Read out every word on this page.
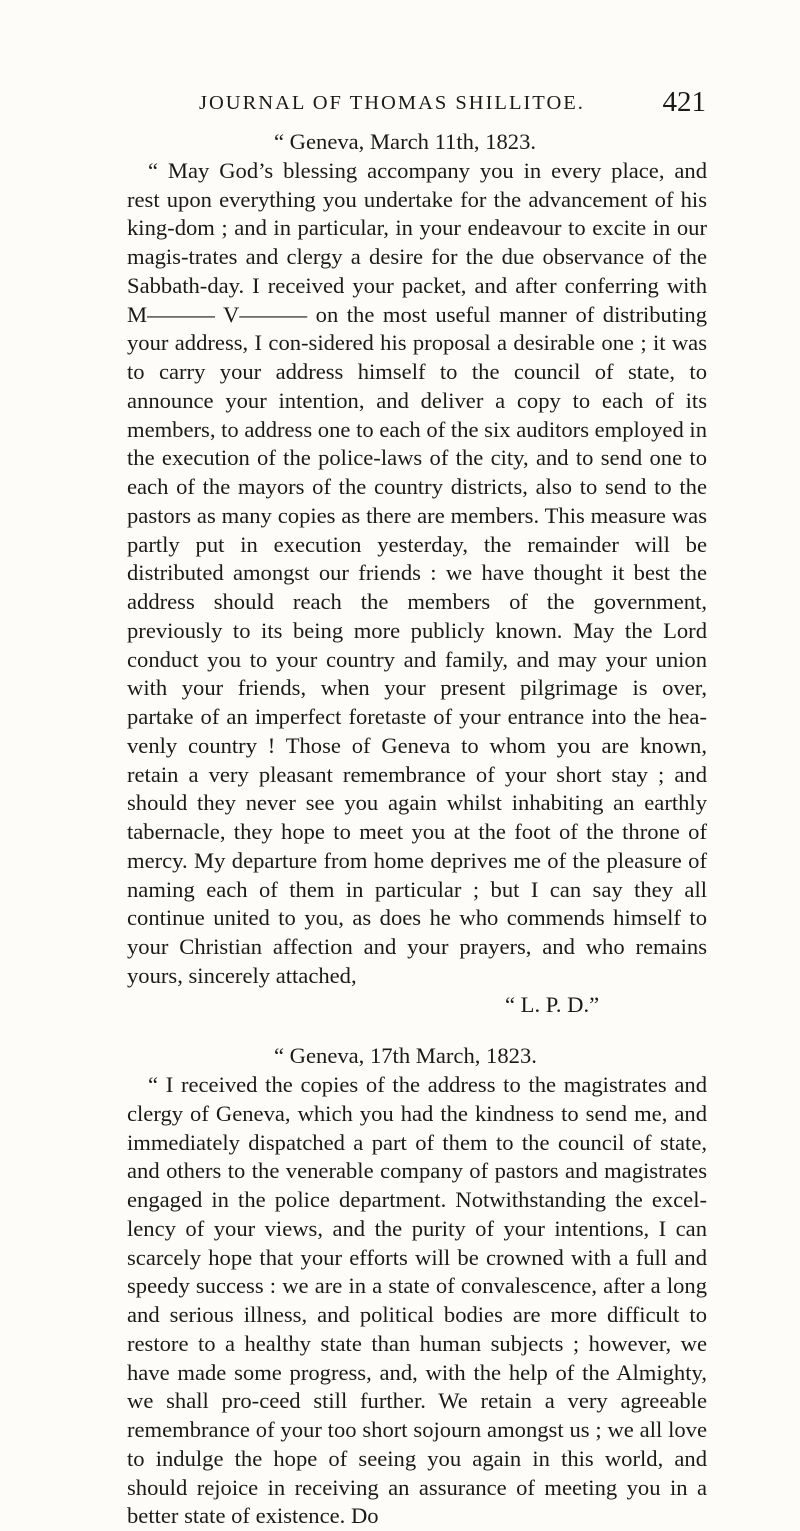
JOURNAL OF THOMAS SHILLITOE.	421

“ Geneva, March 11th, 1823.

“ May God’s blessing accompany you in every place, and rest upon everything you undertake for the advancement of his king-dom ; and in particular, in your endeavour to excite in our magis-trates and clergy a desire for the due observance of the Sabbath-day. I received your packet, and after conferring with M——— V——— on the most useful manner of distributing your address, I con-sidered his proposal a desirable one ; it was to carry your address himself to the council of state, to announce your intention, and deliver a copy to each of its members, to address one to each of the six auditors employed in the execution of the police-laws of the city, and to send one to each of the mayors of the country districts, also to send to the pastors as many copies as there are members. This measure was partly put in execution yesterday, the remainder will be distributed amongst our friends : we have thought it best the address should reach the members of the government, previously to its being more publicly known. May the Lord conduct you to your country and family, and may your union with your friends, when your present pilgrimage is over, partake of an imperfect foretaste of your entrance into the hea-venly country ! Those of Geneva to whom you are known, retain a very pleasant remembrance of your short stay ; and should they never see you again whilst inhabiting an earthly tabernacle, they hope to meet you at the foot of the throne of mercy. My departure from home deprives me of the pleasure of naming each of them in particular ; but I can say they all continue united to you, as does he who commends himself to your Christian affection and your prayers, and who remains yours, sincerely attached,

“ L. P. D.”

“ Geneva, 17th March, 1823.

“ I received the copies of the address to the magistrates and clergy of Geneva, which you had the kindness to send me, and immediately dispatched a part of them to the council of state, and others to the venerable company of pastors and magistrates engaged in the police department. Notwithstanding the excel-lency of your views, and the purity of your intentions, I can scarcely hope that your efforts will be crowned with a full and speedy success : we are in a state of convalescence, after a long and serious illness, and political bodies are more difficult to restore to a healthy state than human subjects ; however, we have made some progress, and, with the help of the Almighty, we shall pro-ceed still further. We retain a very agreeable remembrance of your too short sojourn amongst us ; we all love to indulge the hope of seeing you again in this world, and should rejoice in receiving an assurance of meeting you in a better state of existence. Do
